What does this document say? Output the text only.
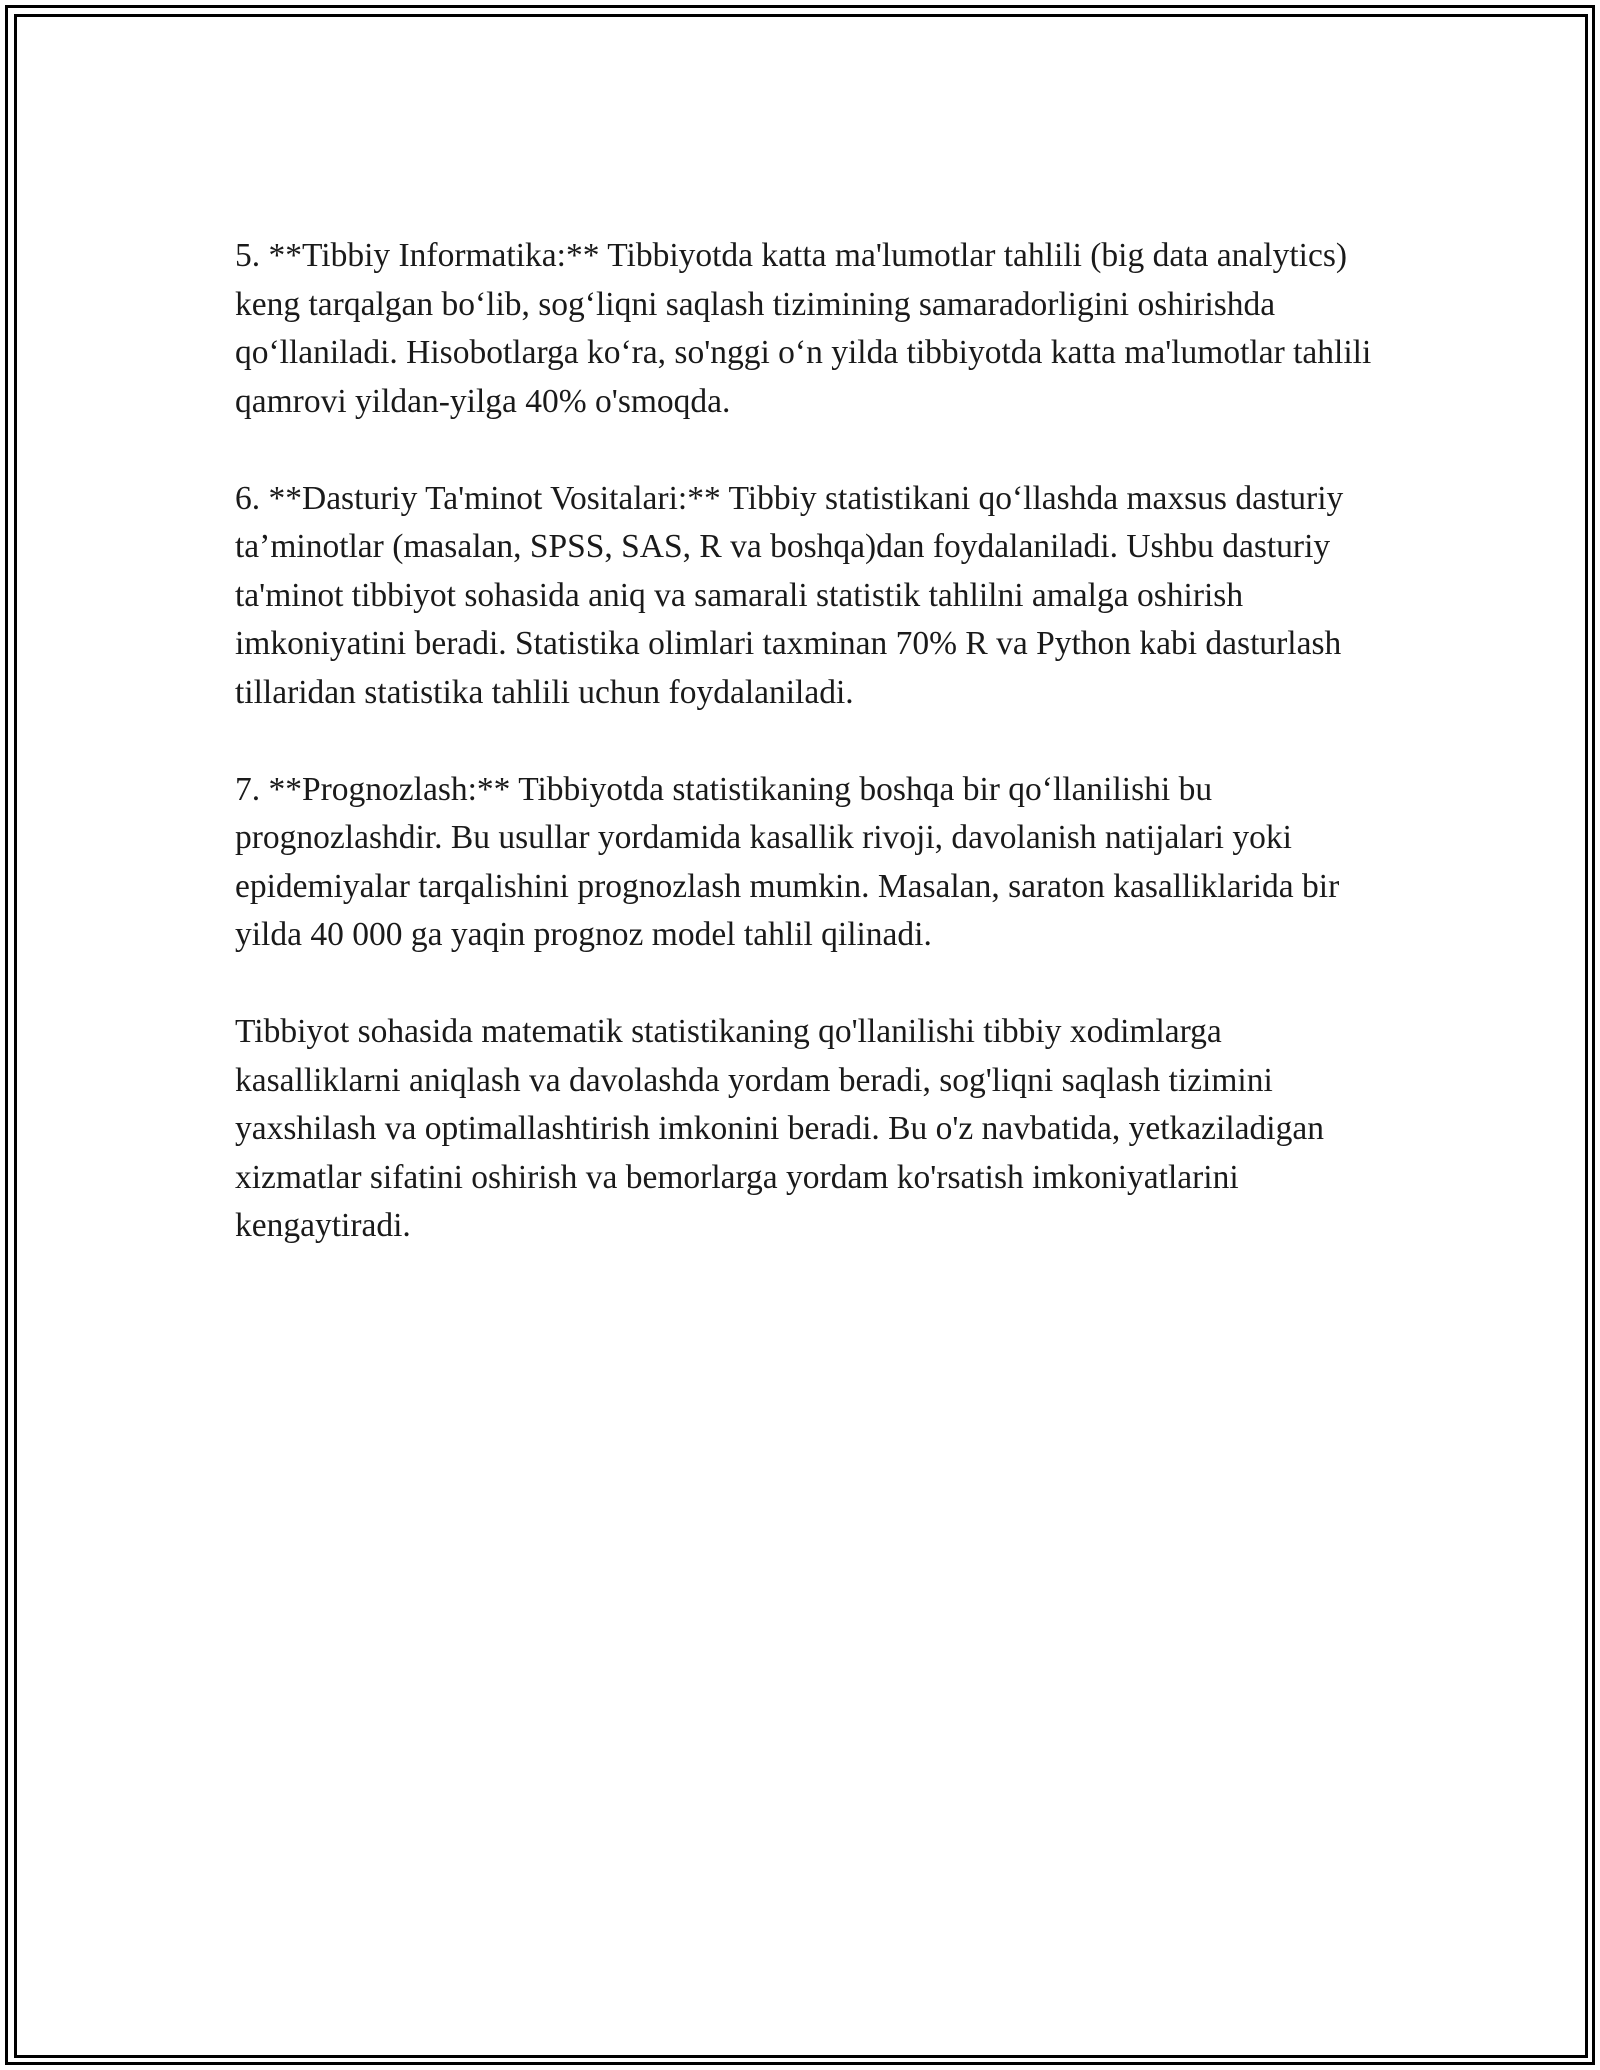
5. **Tibbiy Informatika:** Tibbiyotda katta ma'lumotlar tahlili (big data analytics) keng tarqalgan bo‘lib, sog‘liqni saqlash tizimining samaradorligini oshirishda qo‘llaniladi. Hisobotlarga ko‘ra, so'nggi o‘n yilda tibbiyotda katta ma'lumotlar tahlili qamrovi yildan-yilga 40% o'smoqda.

6. **Dasturiy Ta'minot Vositalari:** Tibbiy statistikani qo‘llashda maxsus dasturiy ta’minotlar (masalan, SPSS, SAS, R va boshqa)dan foydalaniladi. Ushbu dasturiy ta'minot tibbiyot sohasida aniq va samarali statistik tahlilni amalga oshirish imkoniyatini beradi. Statistika olimlari taxminan 70% R va Python kabi dasturlash tillaridan statistika tahlili uchun foydalaniladi.

7. **Prognozlash:** Tibbiyotda statistikaning boshqa bir qo‘llanilishi bu prognozlashdir. Bu usullar yordamida kasallik rivoji, davolanish natijalari yoki epidemiyalar tarqalishini prognozlash mumkin. Masalan, saraton kasalliklarida bir yilda 40 000 ga yaqin prognoz model tahlil qilinadi.

Tibbiyot sohasida matematik statistikaning qo'llanilishi tibbiy xodimlarga kasalliklarni aniqlash va davolashda yordam beradi, sog'liqni saqlash tizimini yaxshilash va optimallashtirish imkonini beradi. Bu o'z navbatida, yetkaziladigan xizmatlar sifatini oshirish va bemorlarga yordam ko'rsatish imkoniyatlarini kengaytiradi.
